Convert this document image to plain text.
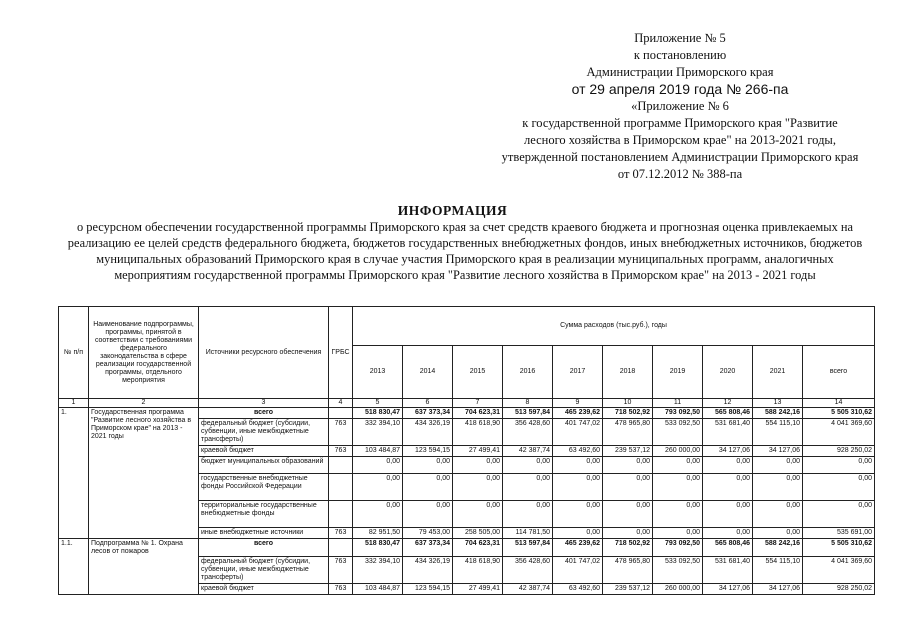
Приложение № 5
к постановлению
Администрации Приморского края
от 29 апреля 2019 года № 266-па
«Приложение № 6
к государственной программе Приморского края "Развитие
лесного хозяйства в Приморском крае" на 2013-2021 годы,
утвержденной постановлением Администрации Приморского края
от 07.12.2012 № 388-па
ИНФОРМАЦИЯ
о ресурсном обеспечении государственной программы Приморского края за счет средств краевого бюджета и прогнозная оценка привлекаемых на
реализацию ее целей средств федерального бюджета, бюджетов государственных внебюджетных фондов, иных внебюджетных источников, бюджетов
муниципальных образований Приморского края в случае участия Приморского края в реализации муниципальных программ, аналогичных
мероприятиям государственной программы Приморского края "Развитие лесного хозяйства в Приморском крае" на 2013 - 2021 годы
№ п/п	Наименование подпрограммы, программы, принятой в соответствии с требованиями федерального законодательства в сфере реализации государственной программы, отдельного мероприятия	Источники ресурсного обеспечения	ГРБС	Сумма расходов (тыс.руб.), годы									
				2013	2014	2015	2016	2017	2018	2019	2020	2021	всего
1	2	3	4	5	6	7	8	9	10	11	12	13	14
1.	Государственная программа "Развитие лесного хозяйства в Приморском крае" на 2013 - 2021 годы	всего		518 830,47	637 373,34	704 623,31	513 597,84	465 239,62	718 502,92	793 092,50	565 808,46	588 242,16	5 505 310,62
		федеральный бюджет (субсидии, субвенции, иные межбюджетные трансферты)	763	332 394,10	434 326,19	418 618,90	356 428,60	401 747,02	478 965,80	533 092,50	531 681,40	554 115,10	4 041 369,60
		краевой бюджет	763	103 484,87	123 594,15	27 499,41	42 387,74	63 492,60	239 537,12	260 000,00	34 127,06	34 127,06	928 250,02
		бюджет муниципальных образований		0,00	0,00	0,00	0,00	0,00	0,00	0,00	0,00	0,00	0,00
		государственные внебюджетные фонды Российской Федерации		0,00	0,00	0,00	0,00	0,00	0,00	0,00	0,00	0,00	0,00
		территориальные государственные внебюджетные фонды		0,00	0,00	0,00	0,00	0,00	0,00	0,00	0,00	0,00	0,00
		иные внебюджетные источники	763	82 951,50	79 453,00	258 505,00	114 781,50	0,00	0,00	0,00	0,00	0,00	535 691,00
1.1.	Подпрограмма № 1. Охрана лесов от пожаров	всего		518 830,47	637 373,34	704 623,31	513 597,84	465 239,62	718 502,92	793 092,50	565 808,46	588 242,16	5 505 310,62
		федеральный бюджет (субсидии, субвенции, иные межбюджетные трансферты)	763	332 394,10	434 326,19	418 618,90	356 428,60	401 747,02	478 965,80	533 092,50	531 681,40	554 115,10	4 041 369,60
		краевой бюджет	763	103 484,87	123 594,15	27 499,41	42 387,74	63 492,60	239 537,12	260 000,00	34 127,06	34 127,06	928 250,02
